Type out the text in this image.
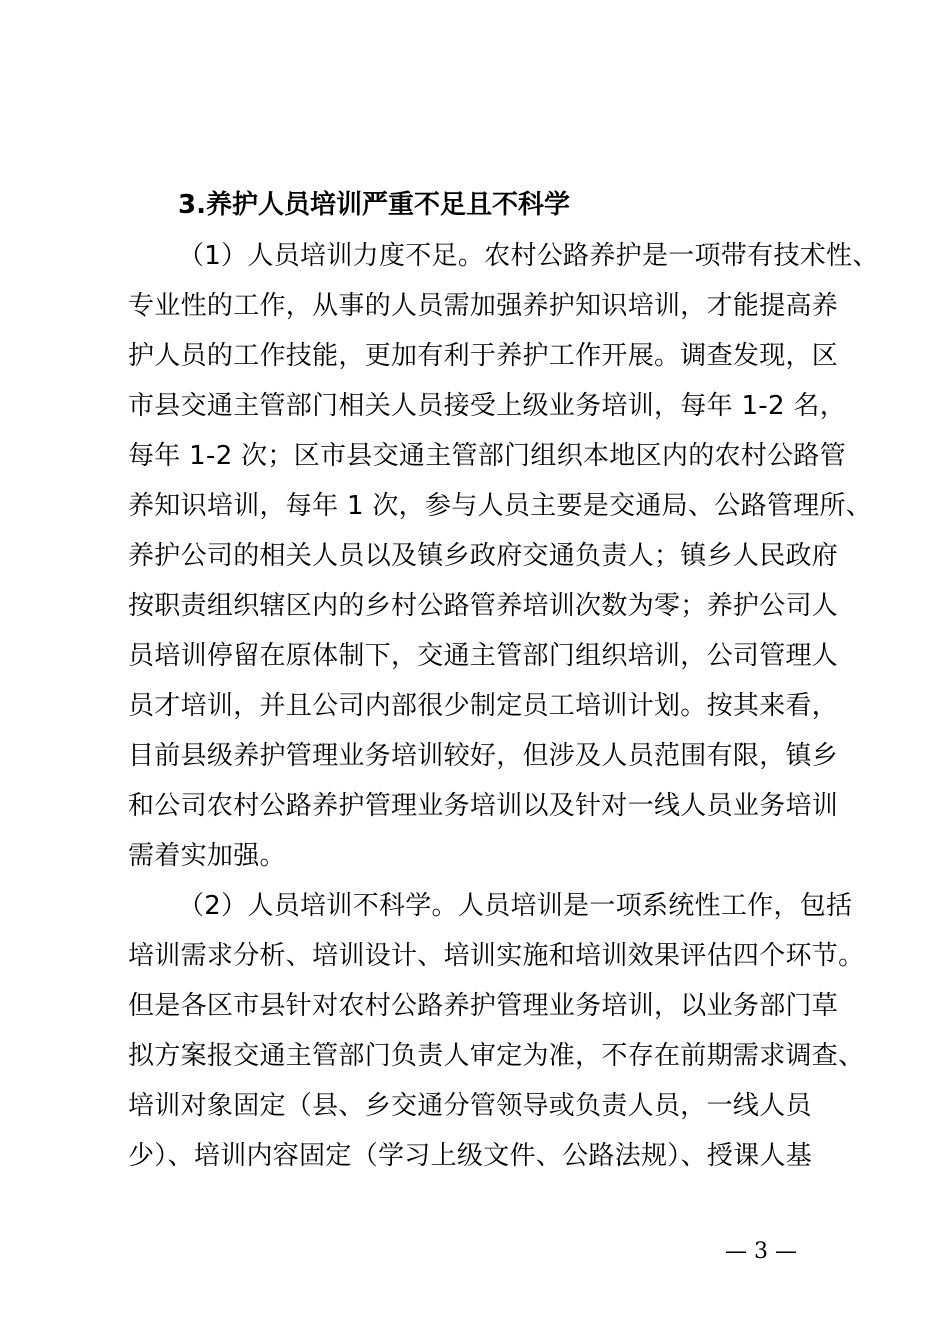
3.养护人员培训严重不足且不科学
（1）人员培训力度不足。农村公路养护是一项带有技术性、
专业性的工作，从事的人员需加强养护知识培训，才能提高养
护人员的工作技能，更加有利于养护工作开展。调查发现，区
市县交通主管部门相关人员接受上级业务培训，每年 1-2 名，
每年 1-2 次；区市县交通主管部门组织本地区内的农村公路管
养知识培训，每年 1 次，参与人员主要是交通局、公路管理所、
养护公司的相关人员以及镇乡政府交通负责人；镇乡人民政府
按职责组织辖区内的乡村公路管养培训次数为零；养护公司人
员培训停留在原体制下，交通主管部门组织培训，公司管理人
员才培训，并且公司内部很少制定员工培训计划。按其来看，
目前县级养护管理业务培训较好，但涉及人员范围有限，镇乡
和公司农村公路养护管理业务培训以及针对一线人员业务培训
需着实加强。
（2）人员培训不科学。人员培训是一项系统性工作，包括
培训需求分析、培训设计、培训实施和培训效果评估四个环节。
但是各区市县针对农村公路养护管理业务培训，以业务部门草
拟方案报交通主管部门负责人审定为准，不存在前期需求调查、
培训对象固定（县、乡交通分管领导或负责人员，一线人员
少）、培训内容固定（学习上级文件、公路法规）、授课人基
— 3 —
